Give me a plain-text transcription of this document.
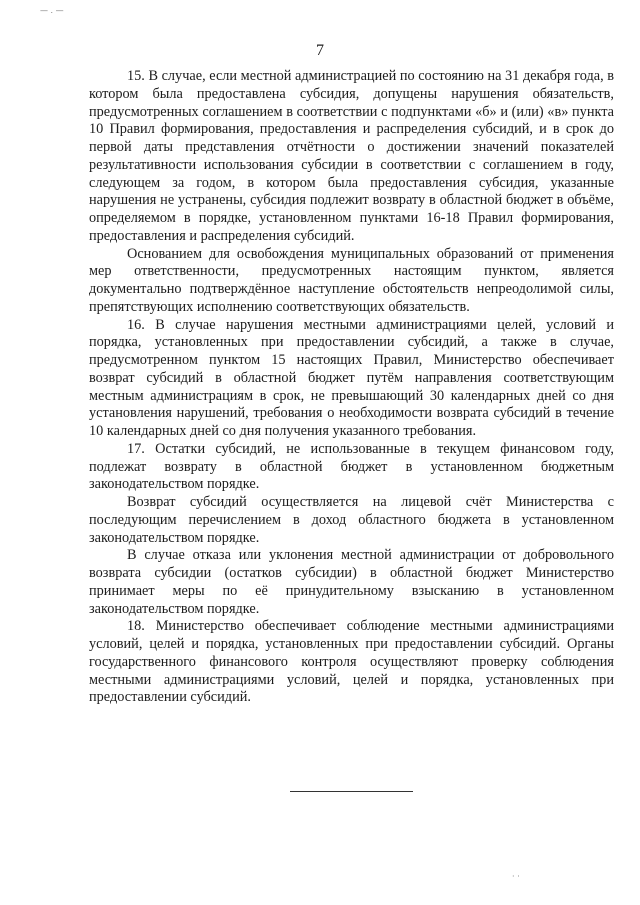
— . —
7

15. В случае, если местной администрацией по состоянию на 31 декабря года, в котором была предоставлена субсидия, допущены нарушения обязательств, предусмотренных соглашением в соответствии с подпунктами «б» и (или) «в» пункта 10 Правил формирования, предоставления и распределения субсидий, и в срок до первой даты представления отчётности о достижении значений показателей результативности использования субсидии в соответствии с соглашением в году, следующем за годом, в котором была предоставления субсидия, указанные нарушения не устранены, субсидия подлежит возврату в областной бюджет в объёме, определяемом в порядке, установленном пунктами 16-18 Правил формирования, предоставления и распределения субсидий.

Основанием для освобождения муниципальных образований от применения мер ответственности, предусмотренных настоящим пунктом, является документально подтверждённое наступление обстоятельств непреодолимой силы, препятствующих исполнению соответствующих обязательств.

16. В случае нарушения местными администрациями целей, условий и порядка, установленных при предоставлении субсидий, а также в случае, предусмотренном пунктом 15 настоящих Правил, Министерство обеспечивает возврат субсидий в областной бюджет путём направления соответствующим местным администрациям в срок, не превышающий 30 календарных дней со дня установления нарушений, требования о необходимости возврата субсидий в течение 10 календарных дней со дня получения указанного требования.

17. Остатки субсидий, не использованные в текущем финансовом году, подлежат возврату в областной бюджет в установленном бюджетным законодательством порядке.

Возврат субсидий осуществляется на лицевой счёт Министерства с последующим перечислением в доход областного бюджета в установленном законодательством порядке.

В случае отказа или уклонения местной администрации от добровольного возврата субсидии (остатков субсидии) в областной бюджет Министерство принимает меры по её принудительному взысканию в установленном законодательством порядке.

18. Министерство обеспечивает соблюдение местными администрациями условий, целей и порядка, установленных при предоставлении субсидий. Органы государственного финансового контроля осуществляют проверку соблюдения местными администрациями условий, целей и порядка, установленных при предоставлении субсидий.

· ·
